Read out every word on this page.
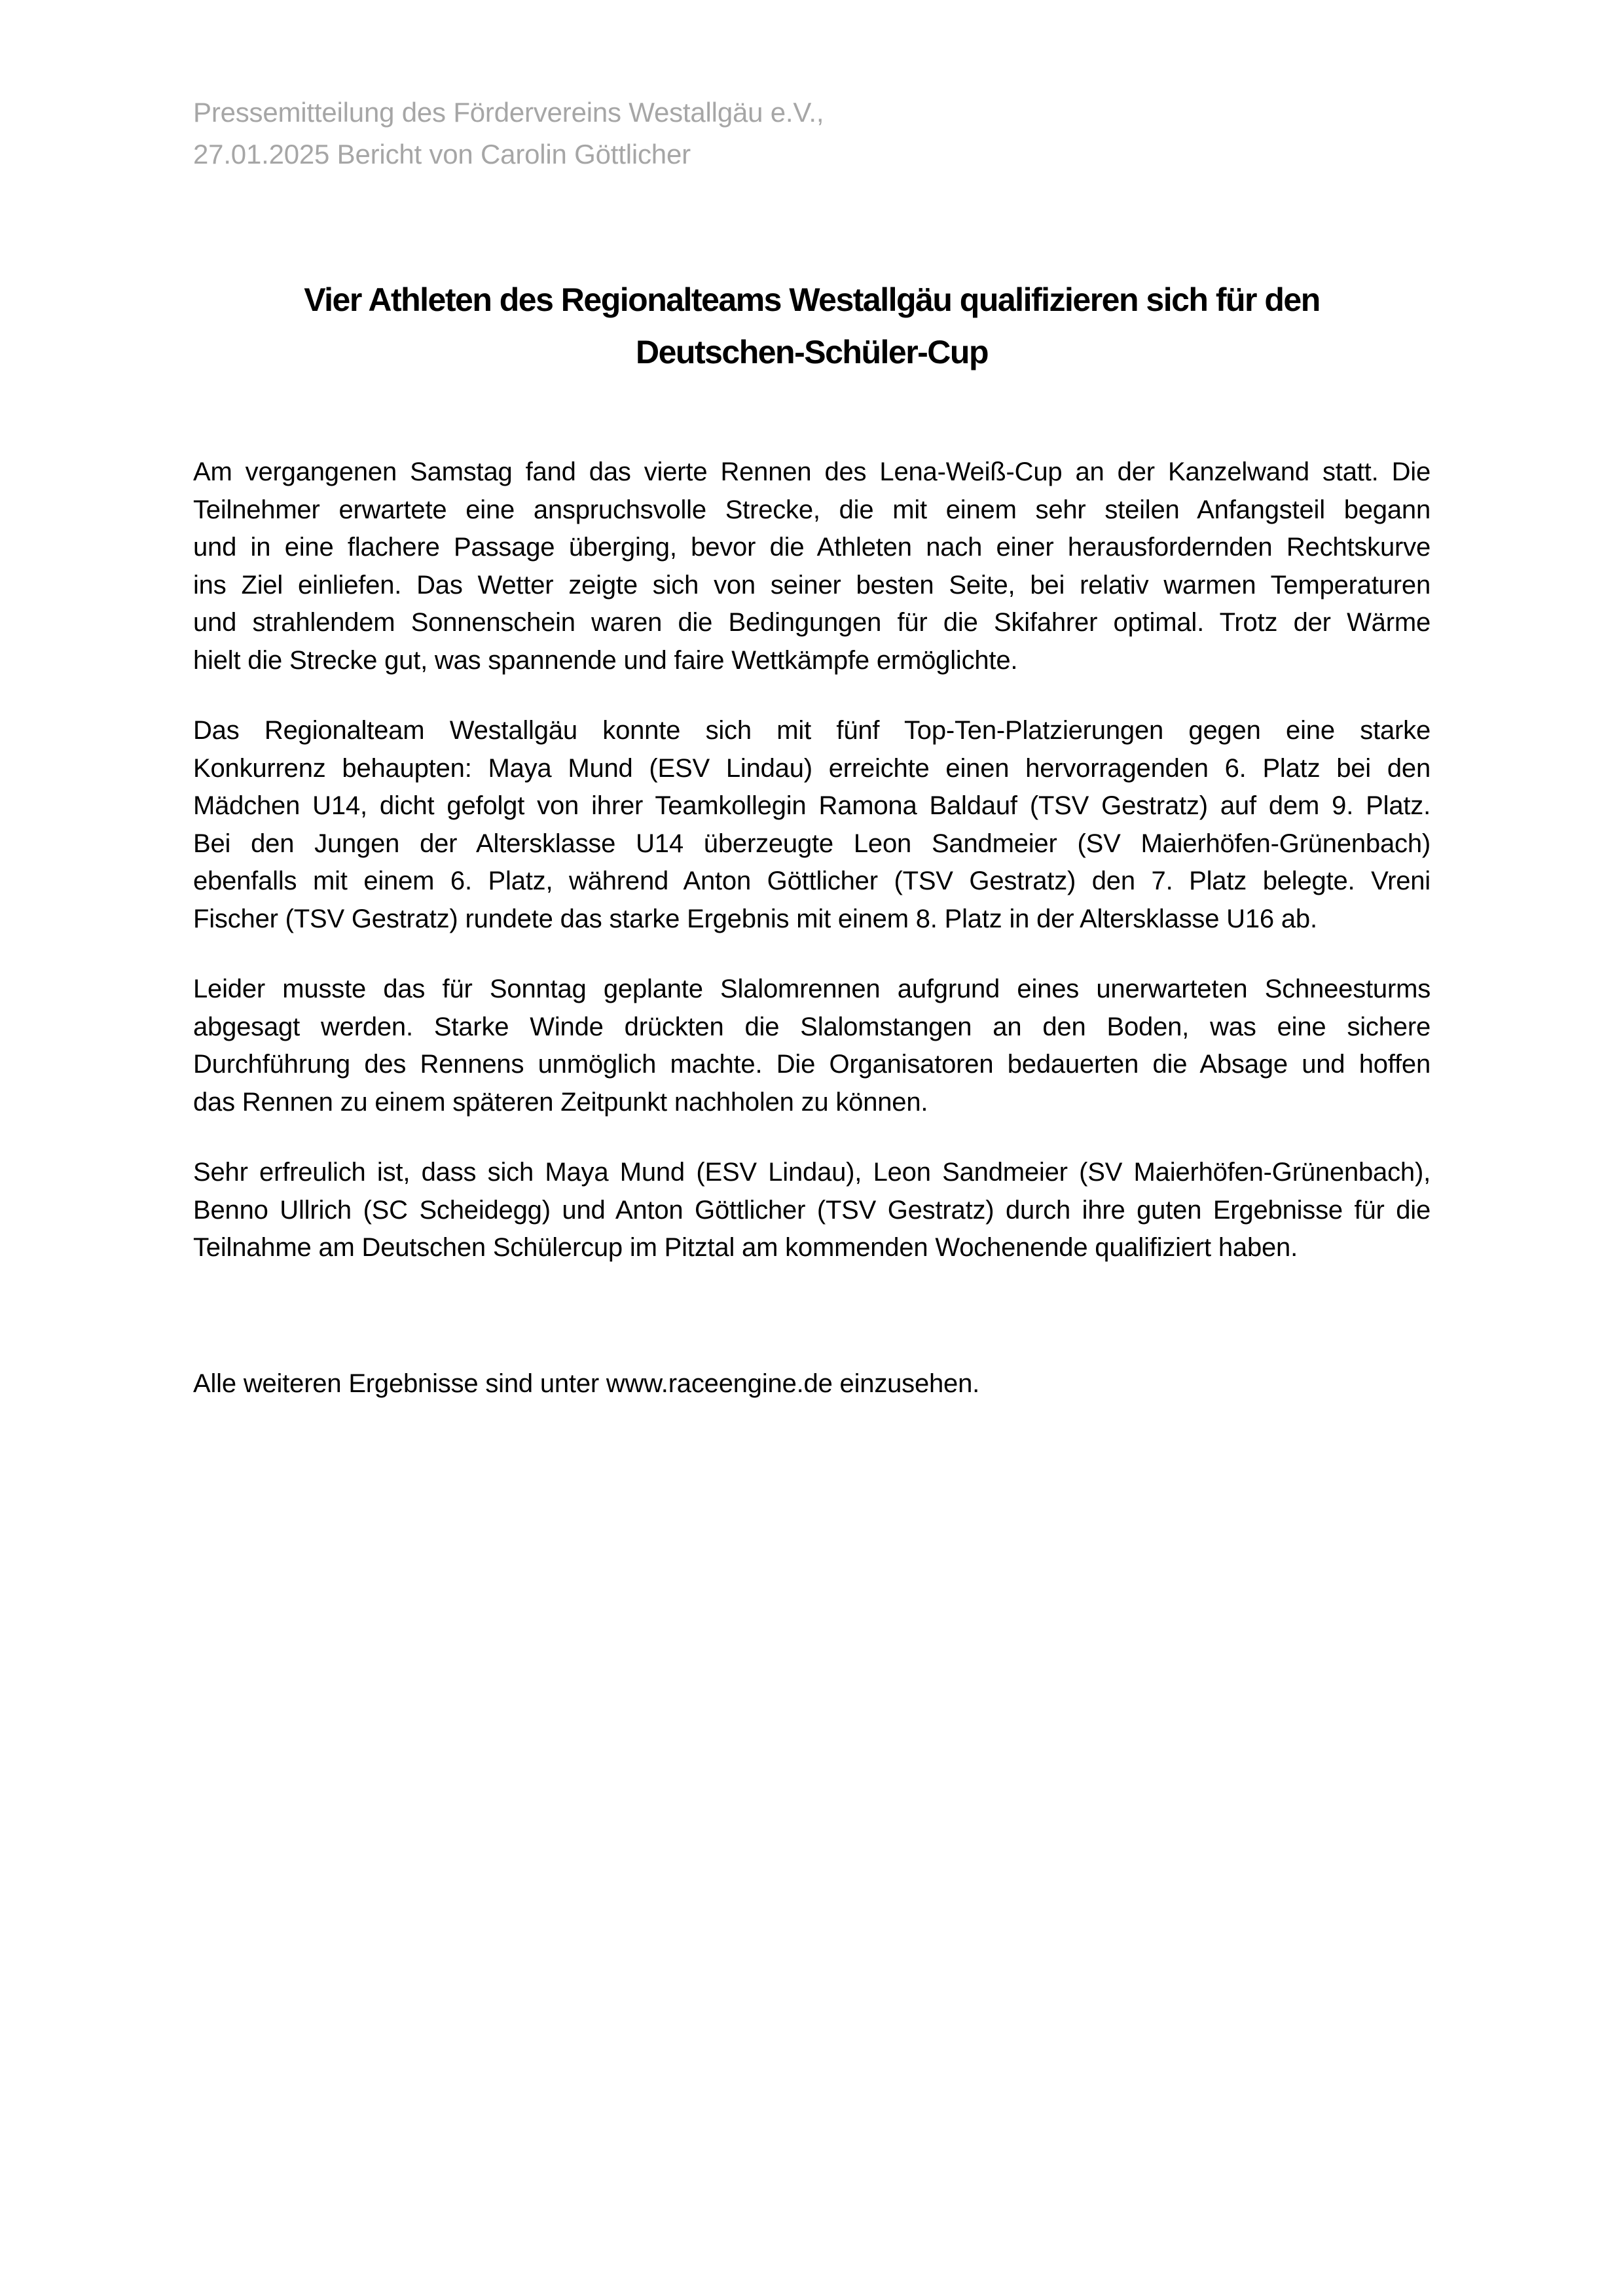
Pressemitteilung des Fördervereins Westallgäu e.V.,
27.01.2025 Bericht von Carolin Göttlicher
Vier Athleten des Regionalteams Westallgäu qualifizieren sich für den
Deutschen-Schüler-Cup
Am vergangenen Samstag fand das vierte Rennen des Lena-Weiß-Cup an der Kanzelwand statt. Die
Teilnehmer erwartete eine anspruchsvolle Strecke, die mit einem sehr steilen Anfangsteil begann
und in eine flachere Passage überging, bevor die Athleten nach einer herausfordernden Rechtskurve
ins Ziel einliefen. Das Wetter zeigte sich von seiner besten Seite, bei relativ warmen Temperaturen
und strahlendem Sonnenschein waren die Bedingungen für die Skifahrer optimal. Trotz der Wärme
hielt die Strecke gut, was spannende und faire Wettkämpfe ermöglichte.
Das Regionalteam Westallgäu konnte sich mit fünf Top-Ten-Platzierungen gegen eine starke
Konkurrenz behaupten: Maya Mund (ESV Lindau) erreichte einen hervorragenden 6. Platz bei den
Mädchen U14, dicht gefolgt von ihrer Teamkollegin Ramona Baldauf (TSV Gestratz) auf dem 9. Platz.
Bei den Jungen der Altersklasse U14 überzeugte Leon Sandmeier (SV Maierhöfen-Grünenbach)
ebenfalls mit einem 6. Platz, während Anton Göttlicher (TSV Gestratz) den 7. Platz belegte. Vreni
Fischer (TSV Gestratz) rundete das starke Ergebnis mit einem 8. Platz in der Altersklasse U16 ab.
Leider musste das für Sonntag geplante Slalomrennen aufgrund eines unerwarteten Schneesturms
abgesagt werden. Starke Winde drückten die Slalomstangen an den Boden, was eine sichere
Durchführung des Rennens unmöglich machte. Die Organisatoren bedauerten die Absage und hoffen
das Rennen zu einem späteren Zeitpunkt nachholen zu können.
Sehr erfreulich ist, dass sich Maya Mund (ESV Lindau), Leon Sandmeier (SV Maierhöfen-Grünenbach),
Benno Ullrich (SC Scheidegg) und Anton Göttlicher (TSV Gestratz) durch ihre guten Ergebnisse für die
Teilnahme am Deutschen Schülercup im Pitztal am kommenden Wochenende qualifiziert haben.

Alle weiteren Ergebnisse sind unter www.raceengine.de einzusehen.
